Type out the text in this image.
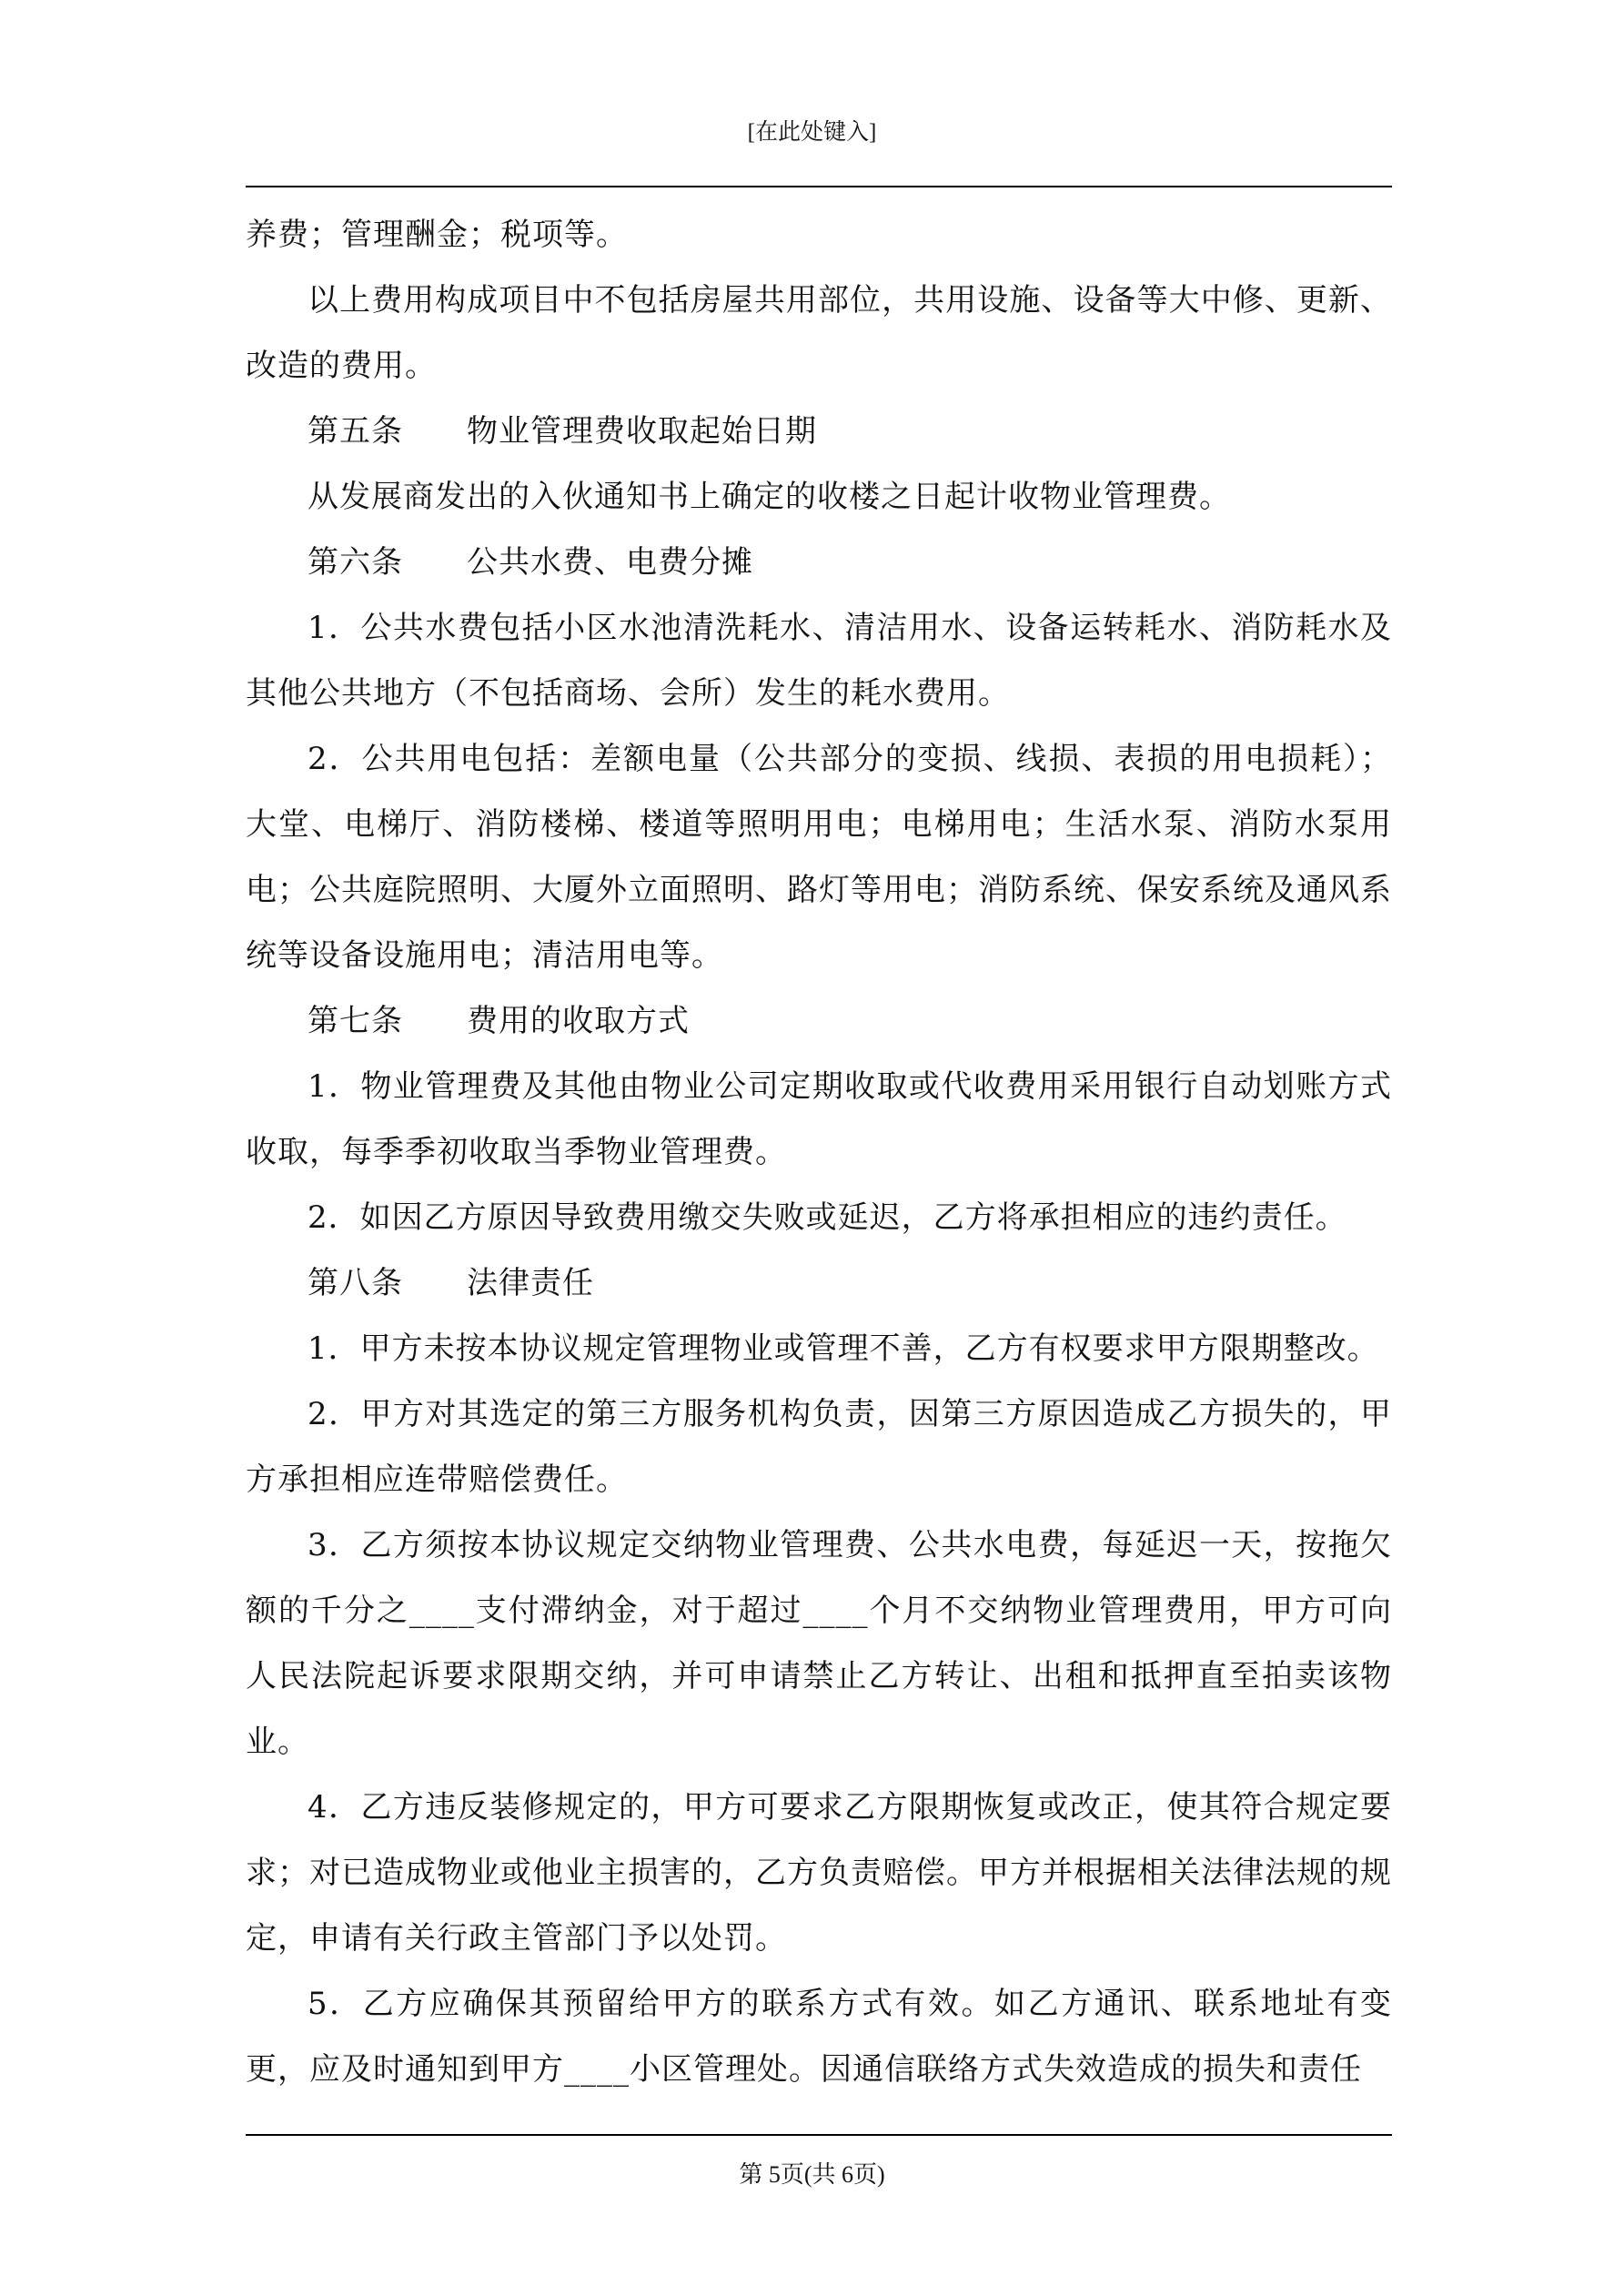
[在此处键入]

养费；管理酬金；税项等。

以上费用构成项目中不包括房屋共用部位，共用设施、设备等大中修、更新、改造的费用。

第五条 物业管理费收取起始日期

从发展商发出的入伙通知书上确定的收楼之日起计收物业管理费。

第六条 公共水费、电费分摊

1．公共水费包括小区水池清洗耗水、清洁用水、设备运转耗水、消防耗水及其他公共地方（不包括商场、会所）发生的耗水费用。

2．公共用电包括：差额电量（公共部分的变损、线损、表损的用电损耗）；大堂、电梯厅、消防楼梯、楼道等照明用电；电梯用电；生活水泵、消防水泵用电；公共庭院照明、大厦外立面照明、路灯等用电；消防系统、保安系统及通风系统等设备设施用电；清洁用电等。

第七条 费用的收取方式

1．物业管理费及其他由物业公司定期收取或代收费用采用银行自动划账方式收取，每季季初收取当季物业管理费。

2．如因乙方原因导致费用缴交失败或延迟，乙方将承担相应的违约责任。

第八条 法律责任

1．甲方未按本协议规定管理物业或管理不善，乙方有权要求甲方限期整改。

2．甲方对其选定的第三方服务机构负责，因第三方原因造成乙方损失的，甲方承担相应连带赔偿费任。

3．乙方须按本协议规定交纳物业管理费、公共水电费，每延迟一天，按拖欠额的千分之____支付滞纳金，对于超过____个月不交纳物业管理费用，甲方可向人民法院起诉要求限期交纳，并可申请禁止乙方转让、出租和抵押直至拍卖该物业。

4．乙方违反装修规定的，甲方可要求乙方限期恢复或改正，使其符合规定要求；对已造成物业或他业主损害的，乙方负责赔偿。甲方并根据相关法律法规的规定，申请有关行政主管部门予以处罚。

5．乙方应确保其预留给甲方的联系方式有效。如乙方通讯、联系地址有变更，应及时通知到甲方____小区管理处。因通信联络方式失效造成的损失和责任

第 5页(共 6页)
